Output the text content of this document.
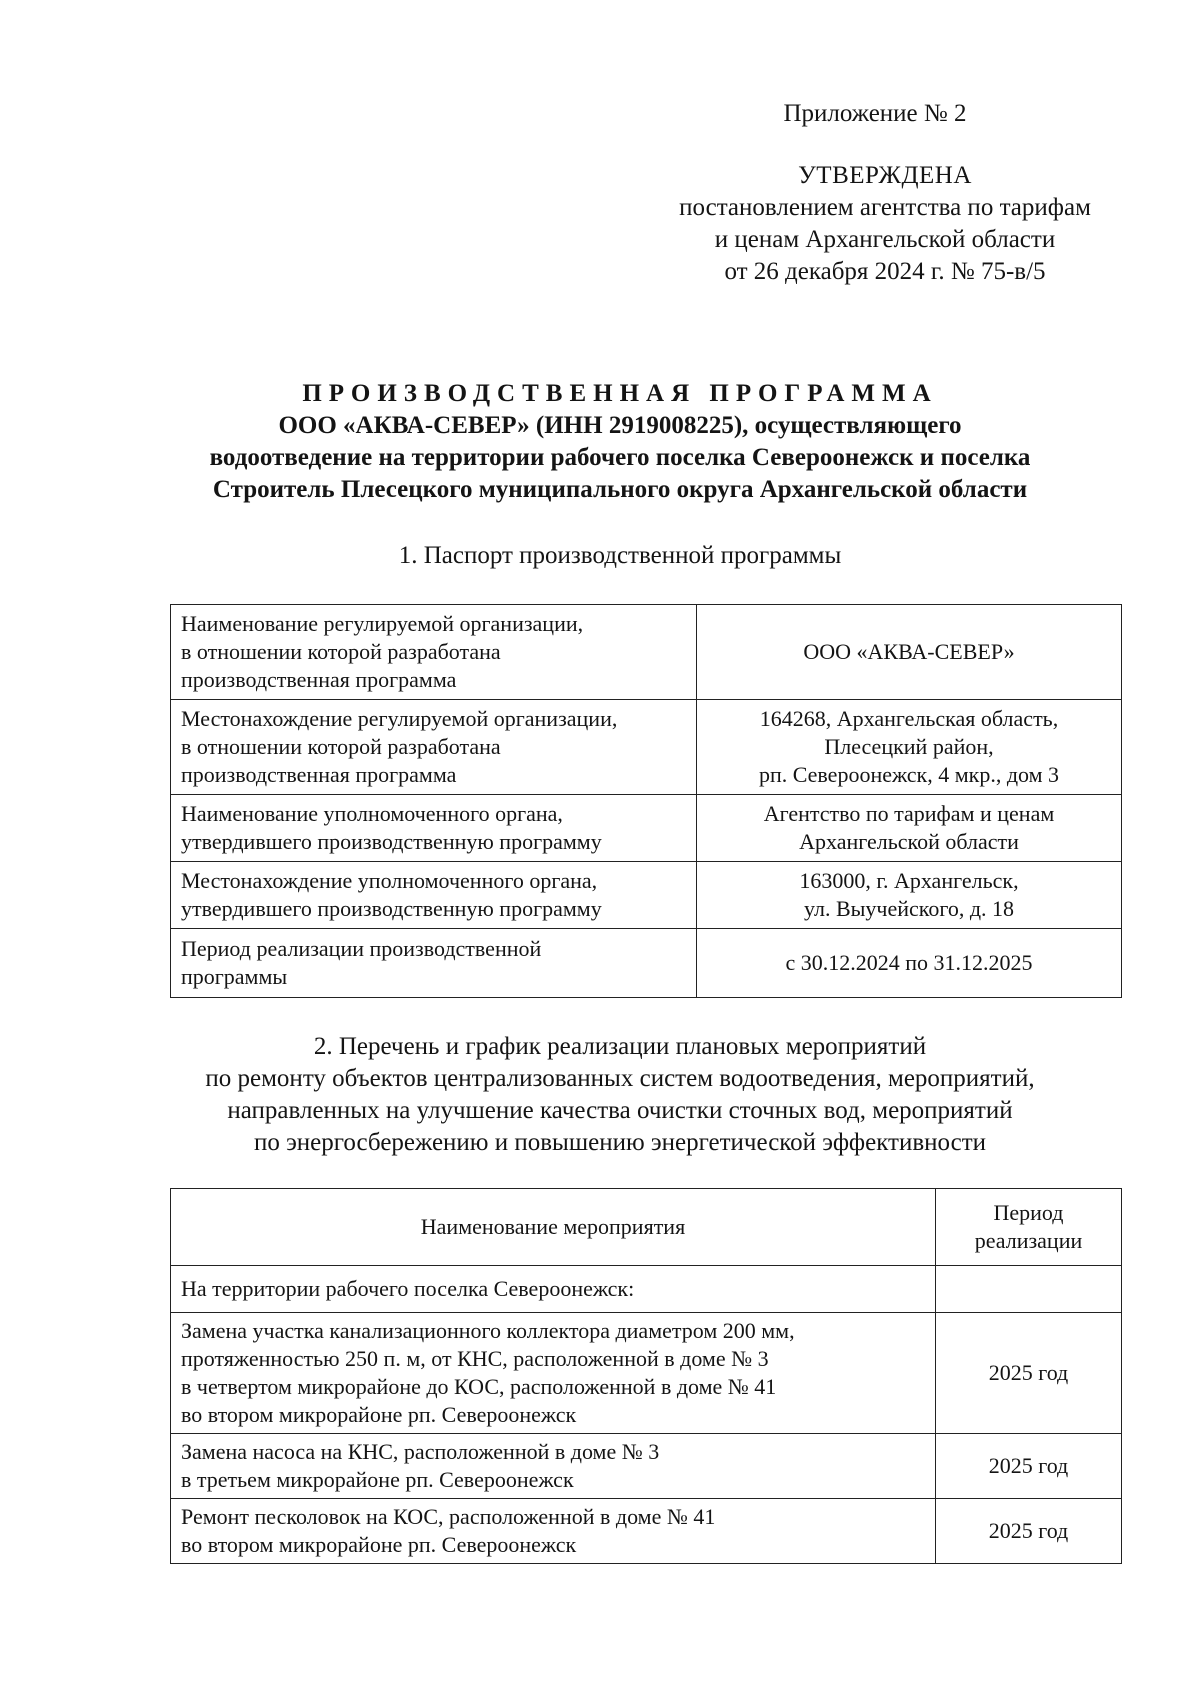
Приложение № 2
УТВЕРЖДЕНА
постановлением агентства по тарифам
и ценам Архангельской области
от 26 декабря 2024 г. № 75-в/5
ПРОИЗВОДСТВЕННАЯ ПРОГРАММА
ООО «АКВА-СЕВЕР» (ИНН 2919008225), осуществляющего
водоотведение на территории рабочего поселка Североонежск и поселка
Строитель Плесецкого муниципального округа Архангельской области
1. Паспорт производственной программы
Наименование регулируемой организации,
в отношении которой разработана
производственная программа	ООО «АКВА-СЕВЕР»

Местонахождение регулируемой организации,
в отношении которой разработана
производственная программа	164268, Архангельская область,
Плесецкий район,
рп. Североонежск, 4 мкр., дом 3

Наименование уполномоченного органа,
утвердившего производственную программу	Агентство по тарифам и ценам
Архангельской области

Местонахождение уполномоченного органа,
утвердившего производственную программу	163000, г. Архангельск,
ул. Выучейского, д. 18

Период реализации производственной
программы	с 30.12.2024 по 31.12.2025
2. Перечень и график реализации плановых мероприятий
по ремонту объектов централизованных систем водоотведения, мероприятий,
направленных на улучшение качества очистки сточных вод, мероприятий
по энергосбережению и повышению энергетической эффективности
Наименование мероприятия	Период
реализации

На территории рабочего поселка Североонежск:	

Замена участка канализационного коллектора диаметром 200 мм,
протяженностью 250 п. м, от КНС, расположенной в доме № 3
в четвертом микрорайоне до КОС, расположенной в доме № 41
во втором микрорайоне рп. Североонежск	2025 год

Замена насоса на КНС, расположенной в доме № 3
в третьем микрорайоне рп. Североонежск	2025 год

Ремонт песколовок на КОС, расположенной в доме № 41
во втором микрорайоне рп. Североонежск	2025 год
